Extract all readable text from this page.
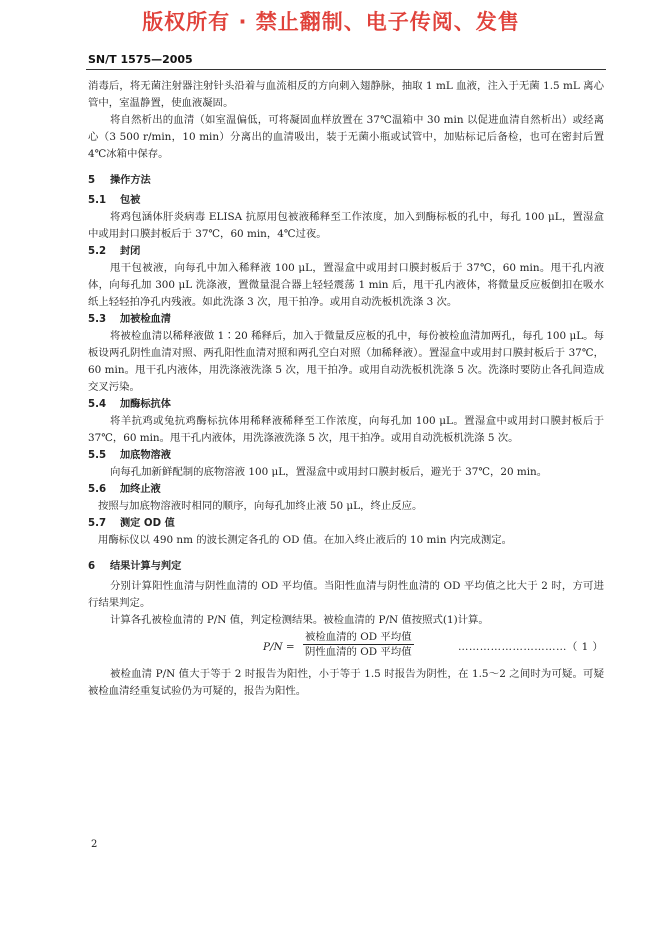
版权所有 · 禁止翻制、电子传阅、发售
SN/T 1575—2005

消毒后，将无菌注射器注射针头沿着与血流相反的方向刺入翅静脉，抽取 1 mL 血液，注入于无菌 1.5 mL 离心管中，室温静置，使血液凝固。

将自然析出的血清（如室温偏低，可将凝固血样放置在 37℃温箱中 30 min 以促进血清自然析出）或经离心（3 500 r/min，10 min）分离出的血清吸出，装于无菌小瓶或试管中，加贴标记后备检，也可在密封后置 4℃冰箱中保存。

5 操作方法
5.1 包被

将鸡包涵体肝炎病毒 ELISA 抗原用包被液稀释至工作浓度，加入到酶标板的孔中，每孔 100 μL，置湿盒中或用封口膜封板后于 37℃，60 min，4℃过夜。

5.2 封闭

甩干包被液，向每孔中加入稀释液 100 μL，置湿盒中或用封口膜封板后于 37℃，60 min。甩干孔内液体，向每孔加 300 μL 洗涤液，置微量混合器上轻轻震荡 1 min 后，甩干孔内液体，将微量反应板倒扣在吸水纸上轻轻拍净孔内残液。如此洗涤 3 次，甩干拍净。或用自动洗板机洗涤 3 次。

5.3 加被检血清

将被检血清以稀释液做 1∶20 稀释后，加入于微量反应板的孔中，每份被检血清加两孔，每孔 100 μL。每板设两孔阴性血清对照、两孔阳性血清对照和两孔空白对照（加稀释液）。置湿盒中或用封口膜封板后于 37℃，60 min。甩干孔内液体，用洗涤液洗涤 5 次，甩干拍净。或用自动洗板机洗涤 5 次。洗涤时要防止各孔间造成交叉污染。

5.4 加酶标抗体

将羊抗鸡或兔抗鸡酶标抗体用稀释液稀释至工作浓度，向每孔加 100 μL。置湿盒中或用封口膜封板后于 37℃，60 min。甩干孔内液体，用洗涤液洗涤 5 次，甩干拍净。或用自动洗板机洗涤 5 次。

5.5 加底物溶液

向每孔加新鲜配制的底物溶液 100 μL，置湿盒中或用封口膜封板后，避光于 37℃，20 min。

5.6 加终止液

按照与加底物溶液时相同的顺序，向每孔加终止液 50 μL，终止反应。

5.7 测定 OD 值

用酶标仪以 490 nm 的波长测定各孔的 OD 值。在加入终止液后的 10 min 内完成测定。

6 结果计算与判定

分别计算阳性血清与阴性血清的 OD 平均值。当阳性血清与阴性血清的 OD 平均值之比大于 2 时，方可进行结果判定。

计算各孔被检血清的 P/N 值，判定检测结果。被检血清的 P/N 值按照式(1)计算。

P/N =
被检血清的 OD 平均值
阴性血清的 OD 平均值	…………………………（ 1 ）

被检血清 P/N 值大于等于 2 时报告为阳性，小于等于 1.5 时报告为阴性，在 1.5～2 之间时为可疑。可疑被检血清经重复试验仍为可疑的，报告为阳性。

2
